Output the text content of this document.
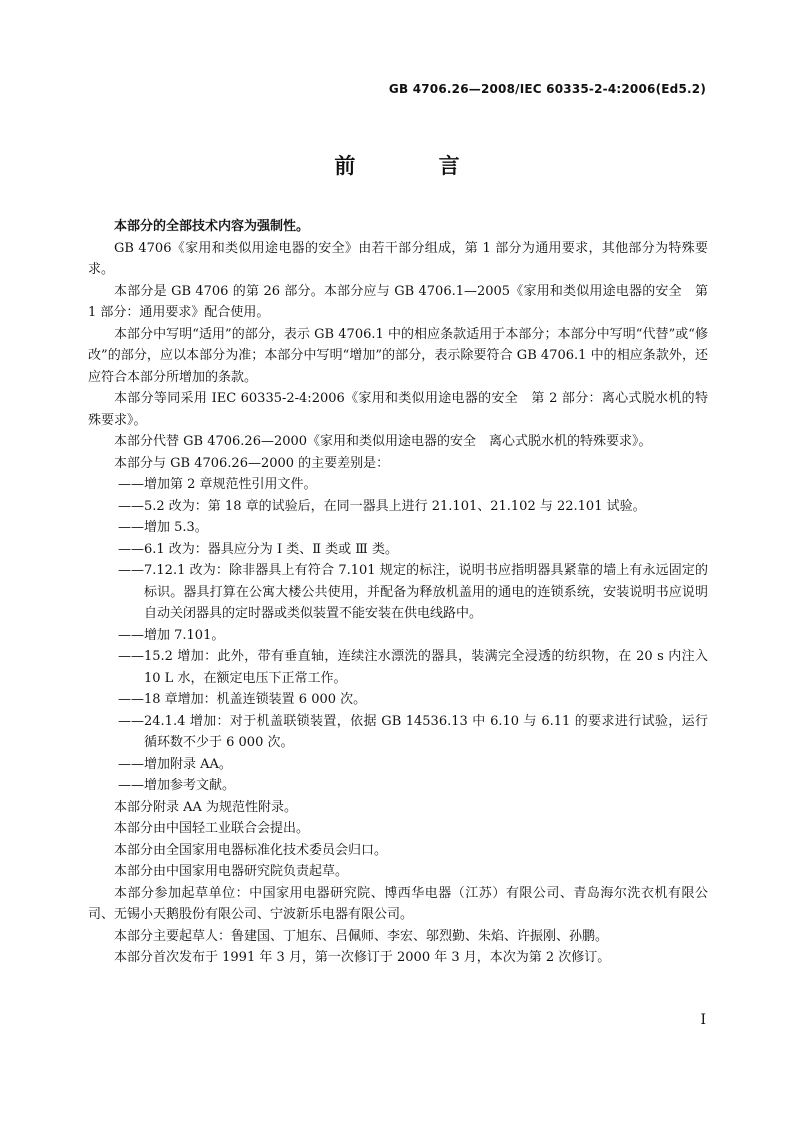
GB 4706.26—2008/IEC 60335-2-4:2006(Ed5.2)
前 言

本部分的全部技术内容为强制性。

GB 4706《家用和类似用途电器的安全》由若干部分组成，第 1 部分为通用要求，其他部分为特殊要求。

本部分是 GB 4706 的第 26 部分。本部分应与 GB 4706.1—2005《家用和类似用途电器的安全　第 1 部分：通用要求》配合使用。

本部分中写明“适用”的部分，表示 GB 4706.1 中的相应条款适用于本部分；本部分中写明“代替”或“修改”的部分，应以本部分为准；本部分中写明“增加”的部分，表示除要符合 GB 4706.1 中的相应条款外，还应符合本部分所增加的条款。

本部分等同采用 IEC 60335-2-4:2006《家用和类似用途电器的安全　第 2 部分：离心式脱水机的特殊要求》。

本部分代替 GB 4706.26—2000《家用和类似用途电器的安全　离心式脱水机的特殊要求》。

本部分与 GB 4706.26—2000 的主要差别是：

——增加第 2 章规范性引用文件。

——5.2 改为：第 18 章的试验后，在同一器具上进行 21.101、21.102 与 22.101 试验。

——增加 5.3。

——6.1 改为：器具应分为 Ⅰ 类、Ⅱ 类或 Ⅲ 类。

——7.12.1 改为：除非器具上有符合 7.101 规定的标注，说明书应指明器具紧靠的墙上有永远固定的标识。器具打算在公寓大楼公共使用，并配备为释放机盖用的通电的连锁系统，安装说明书应说明自动关闭器具的定时器或类似装置不能安装在供电线路中。

——增加 7.101。

——15.2 增加：此外，带有垂直轴，连续注水漂洗的器具，装满完全浸透的纺织物，在 20 s 内注入 10 L 水，在额定电压下正常工作。

——18 章增加：机盖连锁装置 6 000 次。

——24.1.4 增加：对于机盖联锁装置，依据 GB 14536.13 中 6.10 与 6.11 的要求进行试验，运行循环数不少于 6 000 次。

——增加附录 AA。

——增加参考文献。

本部分附录 AA 为规范性附录。

本部分由中国轻工业联合会提出。

本部分由全国家用电器标准化技术委员会归口。

本部分由中国家用电器研究院负责起草。

本部分参加起草单位：中国家用电器研究院、博西华电器（江苏）有限公司、青岛海尔洗衣机有限公司、无锡小天鹅股份有限公司、宁波新乐电器有限公司。

本部分主要起草人：鲁建国、丁旭东、吕佩师、李宏、邬烈勤、朱焰、许振刚、孙鹏。

本部分首次发布于 1991 年 3 月，第一次修订于 2000 年 3 月，本次为第 2 次修订。

I
